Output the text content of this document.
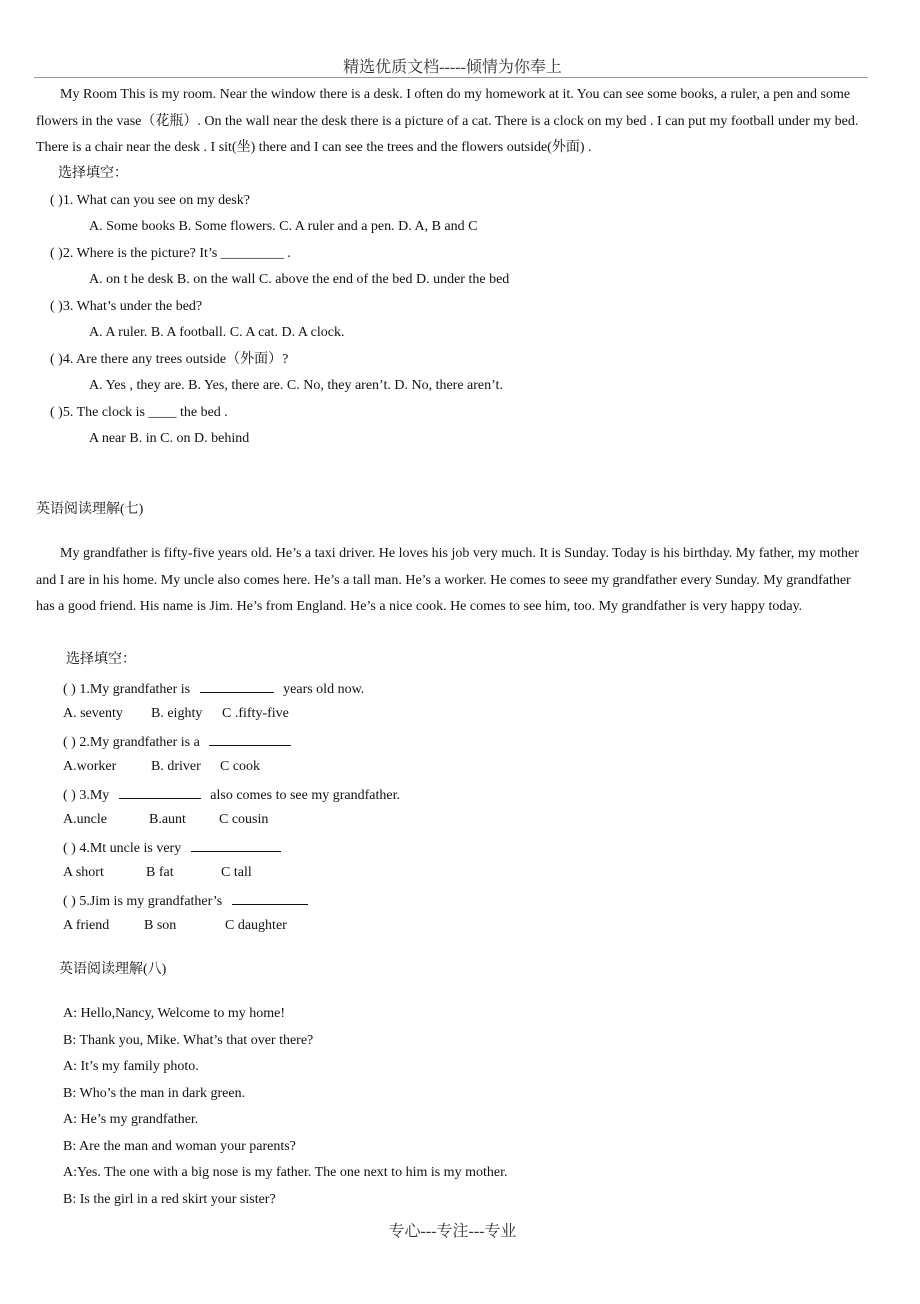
精选优质文档-----倾情为你奉上
My Room This is my room. Near the window there is a desk. I often do my homework at it. You can see some books, a ruler, a pen and some flowers in the vase（花瓶）. On the wall near the desk there is a picture of a cat. There is a clock on my bed . I can put my football under my bed. There is a chair near the desk . I sit(坐) there and I can see the trees and the flowers outside(外面) .
选择填空：
( )1. What can you see on my desk?
A. Some books B. Some flowers. C. A ruler and a pen. D. A, B and C
( )2. Where is the picture? It’s _________ .
A. on t he desk B. on the wall C. above the end of the bed D. under the bed
( )3. What’s under the bed?
A. A ruler. B. A football. C. A cat. D. A clock.
( )4. Are there any trees outside（外面）?
A. Yes , they are. B. Yes, there are. C. No, they aren’t. D. No, there aren’t.
( )5. The clock is ____ the bed .
A near B. in C. on D. behind
英语阅读理解(七)
My grandfather is fifty-five years old. He’s a taxi driver. He loves his job very much. It is Sunday. Today is his birthday. My father, my mother and I are in his home. My uncle also comes here. He’s a tall man. He’s a worker. He comes to seee my grandfather every Sunday. My grandfather has a good friend. His name is Jim. He’s from England. He’s a nice cook. He comes to see him, too. My grandfather is very happy today.
选择填空：
( ) 1.My grandfather is	years old now.
A. seventy B. eighty C .fifty-five
( ) 2.My grandfather is a
A.worker B. driver C cook
( ) 3.My	also comes to see my grandfather.
A.uncle	B.aunt C cousin
( ) 4.Mt uncle is very
A short	B fat	C tall
( ) 5.Jim is my grandfather’s
A friend B son	C daughter
英语阅读理解(八)
A: Hello,Nancy, Welcome to my home!
B: Thank you, Mike. What’s that over there?
A: It’s my family photo.
B: Who’s the man in dark green.
A: He’s my grandfather.
B: Are the man and woman your parents?
A:Yes. The one with a big nose is my father. The one next to him is my mother.
B: Is the girl in a red skirt your sister?
专心---专注---专业
